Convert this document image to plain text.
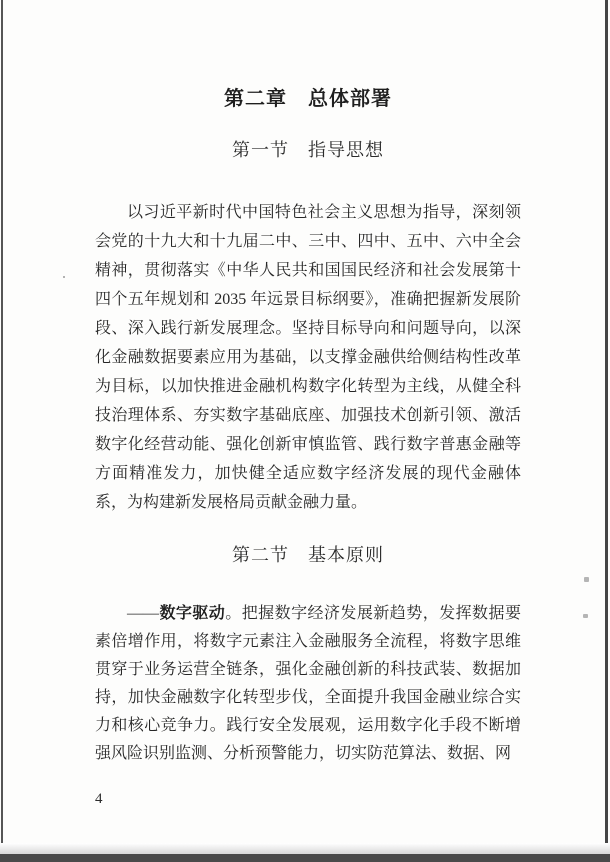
第二章　总体部署
第一节　指导思想

以习近平新时代中国特色社会主义思想为指导，深刻领会党的十九大和十九届二中、三中、四中、五中、六中全会精神，贯彻落实《中华人民共和国国民经济和社会发展第十四个五年规划和 2035 年远景目标纲要》，准确把握新发展阶段、深入践行新发展理念。坚持目标导向和问题导向，以深化金融数据要素应用为基础，以支撑金融供给侧结构性改革为目标，以加快推进金融机构数字化转型为主线，从健全科技治理体系、夯实数字基础底座、加强技术创新引领、激活数字化经营动能、强化创新审慎监管、践行数字普惠金融等方面精准发力，加快健全适应数字经济发展的现代金融体系，为构建新发展格局贡献金融力量。

第二节　基本原则

——数字驱动。把握数字经济发展新趋势，发挥数据要素倍增作用，将数字元素注入金融服务全流程，将数字思维贯穿于业务运营全链条，强化金融创新的科技武装、数据加持，加快金融数字化转型步伐，全面提升我国金融业综合实力和核心竞争力。践行安全发展观，运用数字化手段不断增强风险识别监测、分析预警能力，切实防范算法、数据、网

4
